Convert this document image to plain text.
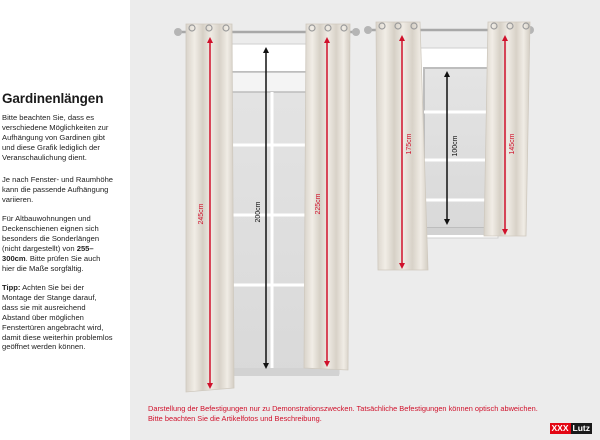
Gardinenlängen
Bitte beachten Sie, dass es verschiedene Möglichkeiten zur Aufhängung von Gardinen gibt und diese Grafik lediglich der Veranschaulichung dient.
Je nach Fenster- und Raumhöhe kann die passende Aufhängung variieren.
Für Altbauwohnungen und Deckenschienen eignen sich besonders die Sonderlängen (nicht dargestellt) von 255–300cm. Bitte prüfen Sie auch hier die Maße sorgfältig.
Tipp: Achten Sie bei der Montage der Stange darauf, dass sie mit ausreichend Abstand über möglichen Fenstertüren angebracht wird, damit diese weiterhin problemlos geöffnet werden können.
245cm	200cm	225cm
175cm	100cm	145cm
Darstellung der Befestigungen nur zu Demonstrationszwecken. Tatsächliche Befestigungen können optisch abweichen.
Bitte beachten Sie die Artikelfotos und Beschreibung.
XXX Lutz
